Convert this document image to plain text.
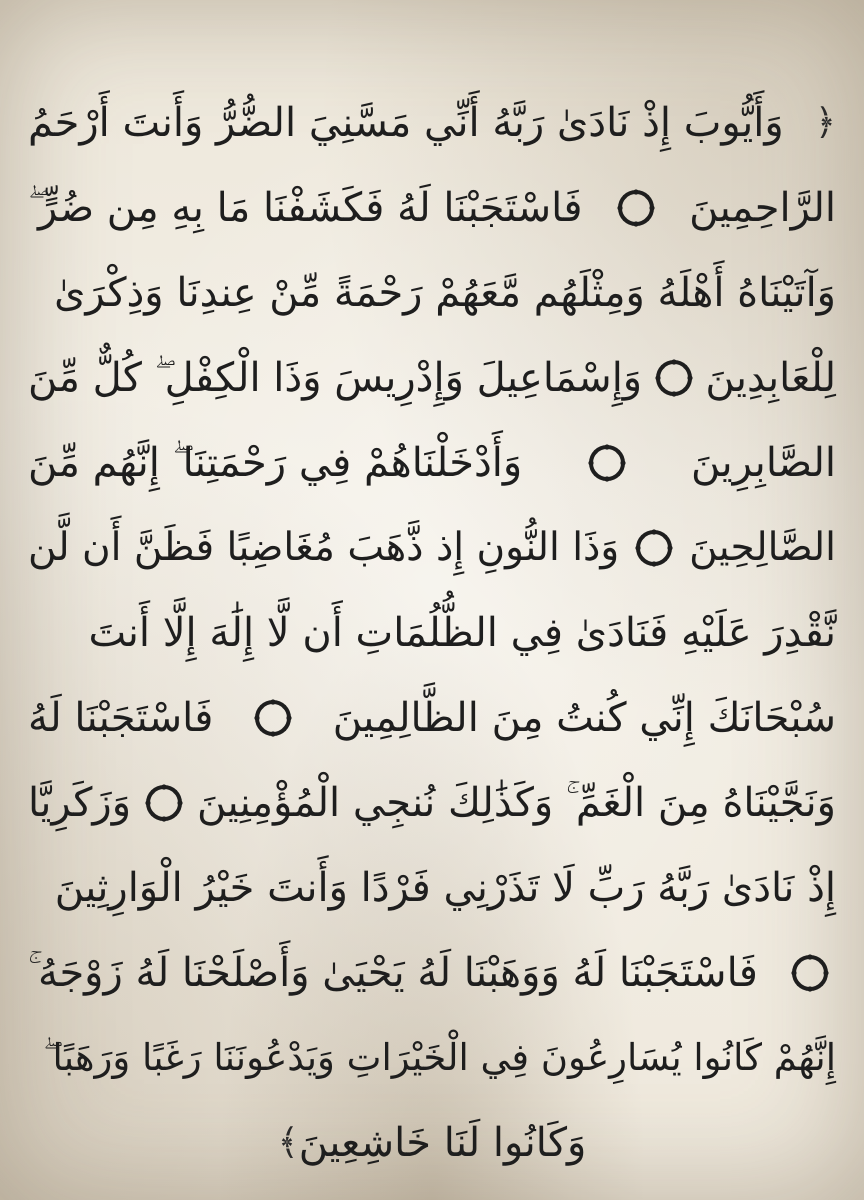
﴿
وَأَيُّوبَ إِذْ نَادَىٰ رَبَّهُ أَنِّي مَسَّنِيَ الضُّرُّ وَأَنتَ أَرْحَمُ
الرَّاحِمِينَ
فَاسْتَجَبْنَا لَهُ فَكَشَفْنَا مَا بِهِ مِن ضُرٍّ ۖ
وَآتَيْنَاهُ أَهْلَهُ وَمِثْلَهُم مَّعَهُمْ رَحْمَةً مِّنْ عِندِنَا وَذِكْرَىٰ
لِلْعَابِدِينَ
وَإِسْمَاعِيلَ وَإِدْرِيسَ وَذَا الْكِفْلِ ۖ كُلٌّ مِّنَ
الصَّابِرِينَ
وَأَدْخَلْنَاهُمْ فِي رَحْمَتِنَا ۖ إِنَّهُم مِّنَ
الصَّالِحِينَ
وَذَا النُّونِ إِذ ذَّهَبَ مُغَاضِبًا فَظَنَّ أَن لَّن
نَّقْدِرَ عَلَيْهِ فَنَادَىٰ فِي الظُّلُمَاتِ أَن لَّا إِلَٰهَ إِلَّا أَنتَ
سُبْحَانَكَ إِنِّي كُنتُ مِنَ الظَّالِمِينَ
فَاسْتَجَبْنَا لَهُ
وَنَجَّيْنَاهُ مِنَ الْغَمِّ ۚ وَكَذَٰلِكَ نُنجِي الْمُؤْمِنِينَ
وَزَكَرِيَّا
إِذْ نَادَىٰ رَبَّهُ رَبِّ لَا تَذَرْنِي فَرْدًا وَأَنتَ خَيْرُ الْوَارِثِينَ
فَاسْتَجَبْنَا لَهُ وَوَهَبْنَا لَهُ يَحْيَىٰ وَأَصْلَحْنَا لَهُ زَوْجَهُ ۚ
إِنَّهُمْ كَانُوا يُسَارِعُونَ فِي الْخَيْرَاتِ وَيَدْعُونَنَا رَغَبًا وَرَهَبًا ۖ
وَكَانُوا لَنَا خَاشِعِينَ
﴾
